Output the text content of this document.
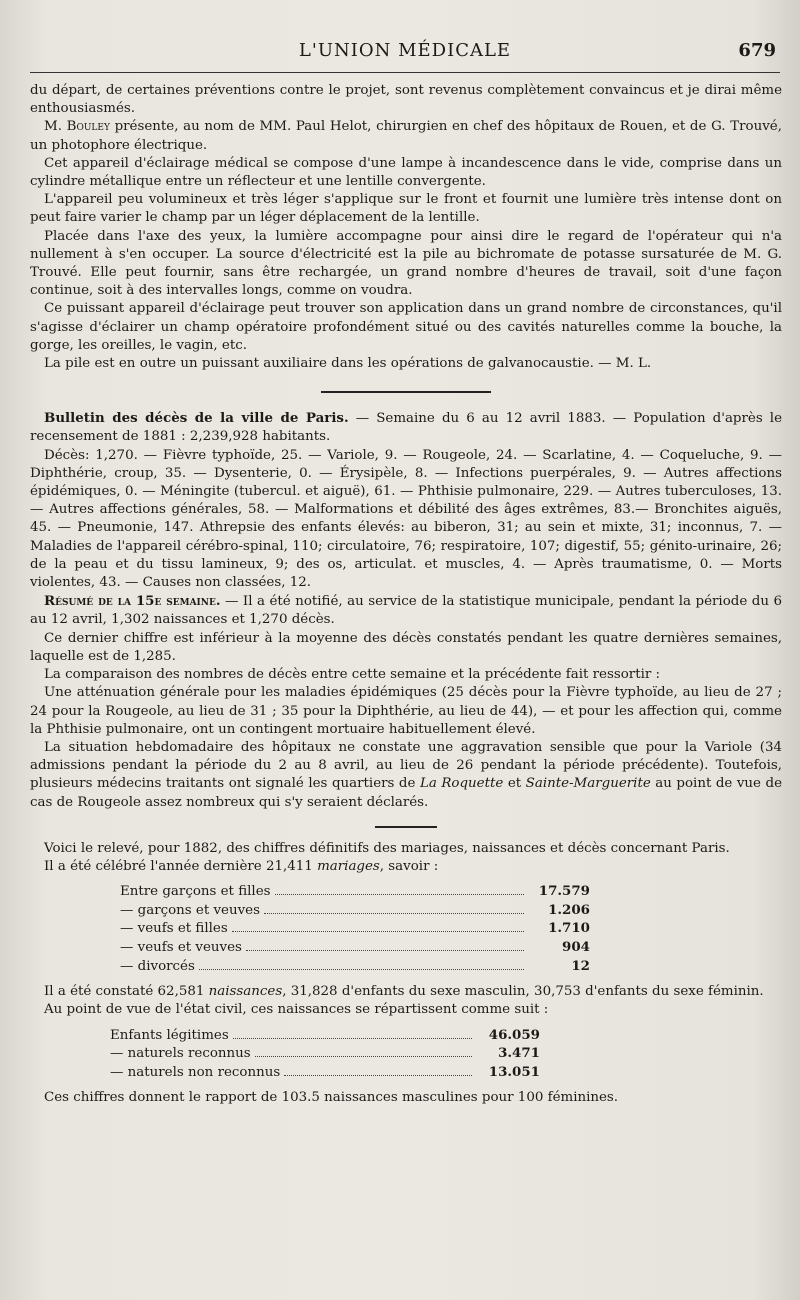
L'UNION MÉDICALE	679

du départ, de certaines préventions contre le projet, sont revenus complètement convaincus et je dirai même enthousiasmés.

M. Bouley présente, au nom de MM. Paul Helot, chirurgien en chef des hôpitaux de Rouen, et de G. Trouvé, un photophore électrique.

Cet appareil d'éclairage médical se compose d'une lampe à incandescence dans le vide, comprise dans un cylindre métallique entre un réflecteur et une lentille convergente.

L'appareil peu volumineux et très léger s'applique sur le front et fournit une lumière très intense dont on peut faire varier le champ par un léger déplacement de la lentille.

Placée dans l'axe des yeux, la lumière accompagne pour ainsi dire le regard de l'opérateur qui n'a nullement à s'en occuper. La source d'électricité est la pile au bichromate de potasse sursaturée de M. G. Trouvé. Elle peut fournir, sans être rechargée, un grand nombre d'heures de travail, soit d'une façon continue, soit à des intervalles longs, comme on voudra.

Ce puissant appareil d'éclairage peut trouver son application dans un grand nombre de circonstances, qu'il s'agisse d'éclairer un champ opératoire profondément situé ou des cavités naturelles comme la bouche, la gorge, les oreilles, le vagin, etc.

La pile est en outre un puissant auxiliaire dans les opérations de galvanocaustie. — M. L.

Bulletin des décès de la ville de Paris. — Semaine du 6 au 12 avril 1883. — Population d'après le recensement de 1881 : 2,239,928 habitants.

Décès: 1,270. — Fièvre typhoïde, 25. — Variole, 9. — Rougeole, 24. — Scarlatine, 4. — Coqueluche, 9. — Diphthérie, croup, 35. — Dysenterie, 0. — Érysipèle, 8. — Infections puerpérales, 9. — Autres affections épidémiques, 0. — Méningite (tubercul. et aiguë), 61. — Phthisie pulmonaire, 229. — Autres tuberculoses, 13. — Autres affections générales, 58. — Malformations et débilité des âges extrêmes, 83.— Bronchites aiguës, 45. — Pneumonie, 147. Athrepsie des enfants élevés: au biberon, 31; au sein et mixte, 31; inconnus, 7. — Maladies de l'appareil cérébro-spinal, 110; circulatoire, 76; respiratoire, 107; digestif, 55; génito-urinaire, 26; de la peau et du tissu lamineux, 9; des os, articulat. et muscles, 4. — Après traumatisme, 0. — Morts violentes, 43. — Causes non classées, 12.

Résumé de la 15e semaine. — Il a été notifié, au service de la statistique municipale, pendant la période du 6 au 12 avril, 1,302 naissances et 1,270 décès.

Ce dernier chiffre est inférieur à la moyenne des décès constatés pendant les quatre dernières semaines, laquelle est de 1,285.

La comparaison des nombres de décès entre cette semaine et la précédente fait ressortir :

Une atténuation générale pour les maladies épidémiques (25 décès pour la Fièvre typhoïde, au lieu de 27 ; 24 pour la Rougeole, au lieu de 31 ; 35 pour la Diphthérie, au lieu de 44), — et pour les affection qui, comme la Phthisie pulmonaire, ont un contingent mortuaire habituellement élevé.

La situation hebdomadaire des hôpitaux ne constate une aggravation sensible que pour la Variole (34 admissions pendant la période du 2 au 8 avril, au lieu de 26 pendant la période précédente). Toutefois, plusieurs médecins traitants ont signalé les quartiers de La Roquette et Sainte-Marguerite au point de vue de cas de Rougeole assez nombreux qui s'y seraient déclarés.

Voici le relevé, pour 1882, des chiffres définitifs des mariages, naissances et décès concernant Paris.

Il a été célébré l'année dernière 21,411 mariages, savoir :

Entre garçons et filles	17.579
— garçons et veuves	1.206
— veufs et filles	1.710
— veufs et veuves	904
— divorcés	12

Il a été constaté 62,581 naissances, 31,828 d'enfants du sexe masculin, 30,753 d'enfants du sexe féminin.

Au point de vue de l'état civil, ces naissances se répartissent comme suit :

Enfants légitimes	46.059
— naturels reconnus	3.471
— naturels non reconnus	13.051

Ces chiffres donnent le rapport de 103.5 naissances masculines pour 100 féminines.
